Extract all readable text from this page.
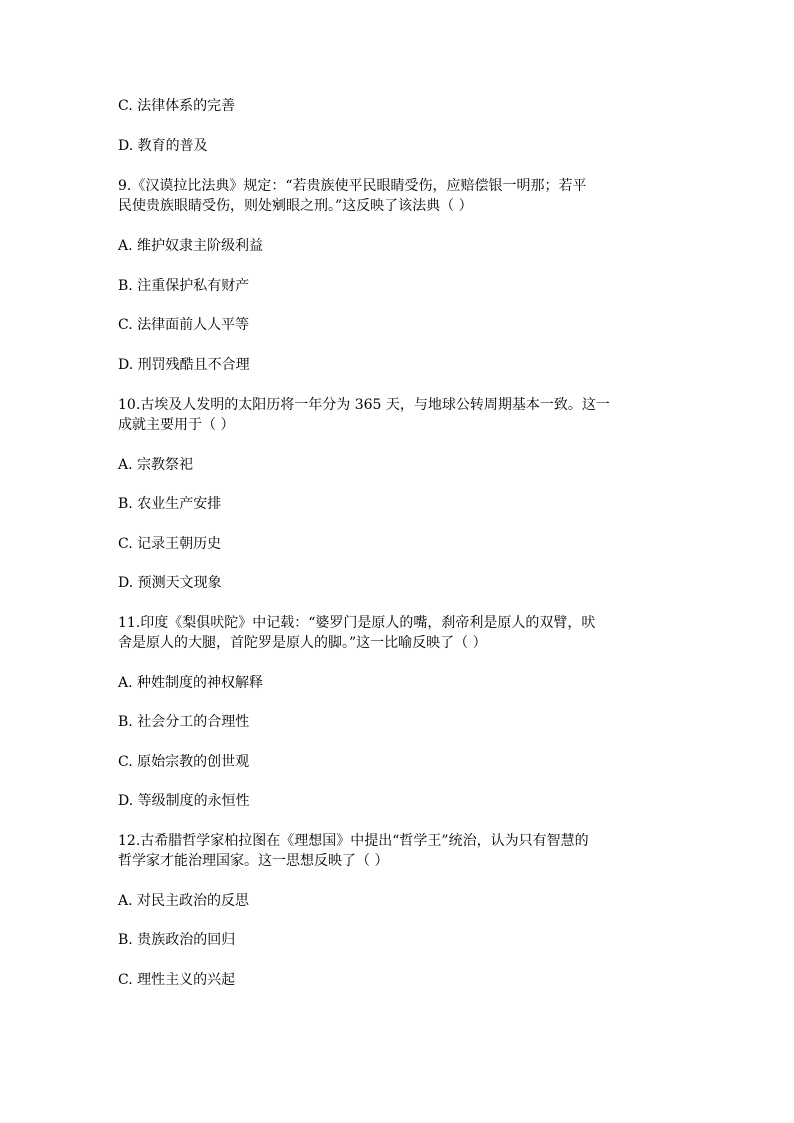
C. 法律体系的完善
D. 教育的普及
9.《汉谟拉比法典》规定：“若贵族使平民眼睛受伤，应赔偿银一明那；若平
民使贵族眼睛受伤，则处剜眼之刑。”这反映了该法典（ ）
A. 维护奴隶主阶级利益
B. 注重保护私有财产
C. 法律面前人人平等
D. 刑罚残酷且不合理
10.古埃及人发明的太阳历将一年分为 365 天，与地球公转周期基本一致。这一
成就主要用于（ ）
A. 宗教祭祀
B. 农业生产安排
C. 记录王朝历史
D. 预测天文现象
11.印度《梨俱吠陀》中记载：“婆罗门是原人的嘴，刹帝利是原人的双臂，吠
舍是原人的大腿，首陀罗是原人的脚。”这一比喻反映了（ ）
A. 种姓制度的神权解释
B. 社会分工的合理性
C. 原始宗教的创世观
D. 等级制度的永恒性
12.古希腊哲学家柏拉图在《理想国》中提出“哲学王”统治，认为只有智慧的
哲学家才能治理国家。这一思想反映了（ ）
A. 对民主政治的反思
B. 贵族政治的回归
C. 理性主义的兴起
